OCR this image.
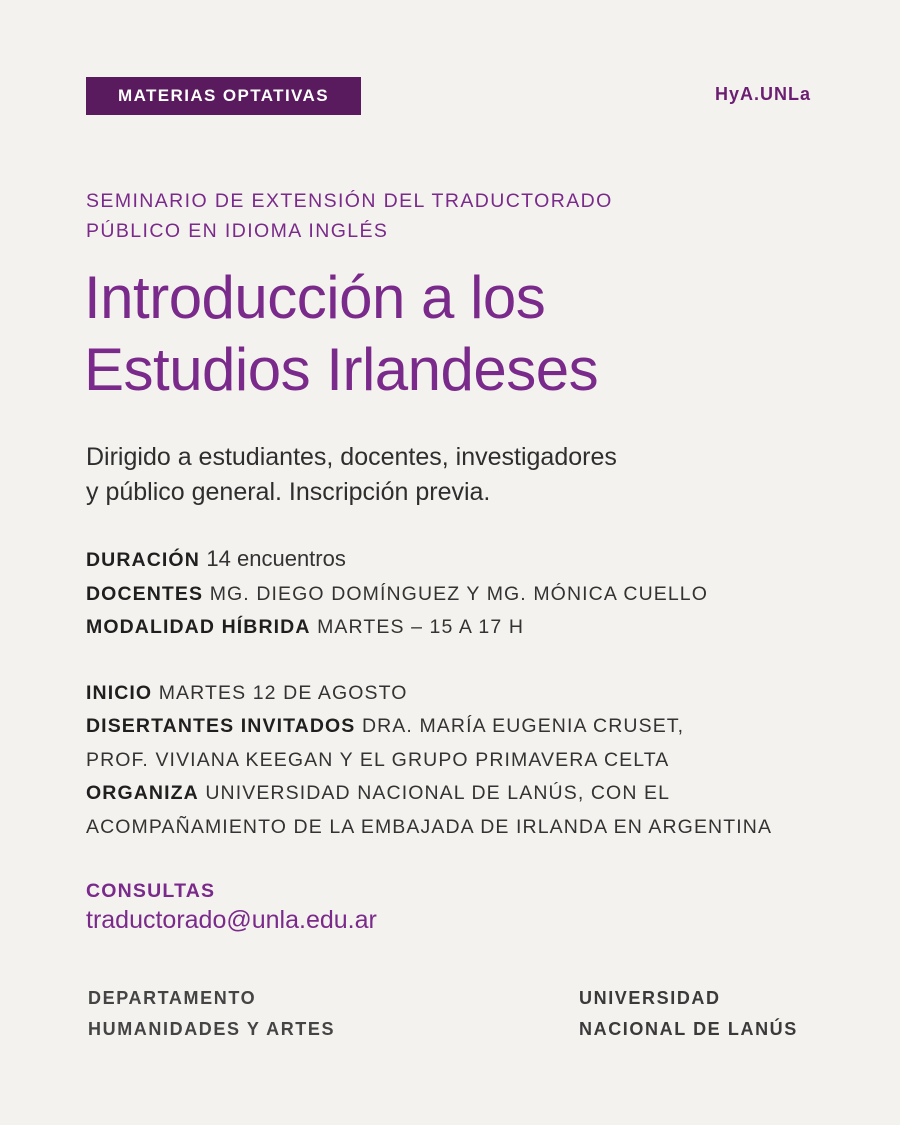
MATERIAS OPTATIVAS	HyA.UNLa
SEMINARIO DE EXTENSIÓN DEL TRADUCTORADO
PÚBLICO EN IDIOMA INGLÉS
Introducción a los
Estudios Irlandeses
Dirigido a estudiantes, docentes, investigadores
y público general. Inscripción previa.
DURACIÓN 14 encuentros
DOCENTES MG. DIEGO DOMÍNGUEZ Y MG. MÓNICA CUELLO
MODALIDAD HÍBRIDA MARTES – 15 A 17 H
INICIO MARTES 12 DE AGOSTO
DISERTANTES INVITADOS DRA. MARÍA EUGENIA CRUSET,
PROF. VIVIANA KEEGAN Y EL GRUPO PRIMAVERA CELTA
ORGANIZA UNIVERSIDAD NACIONAL DE LANÚS, CON EL
ACOMPAÑAMIENTO DE LA EMBAJADA DE IRLANDA EN ARGENTINA
CONSULTAS
traductorado@unla.edu.ar
DEPARTAMENTO
HUMANIDADES Y ARTES
UNIVERSIDAD
NACIONAL DE LANÚS
